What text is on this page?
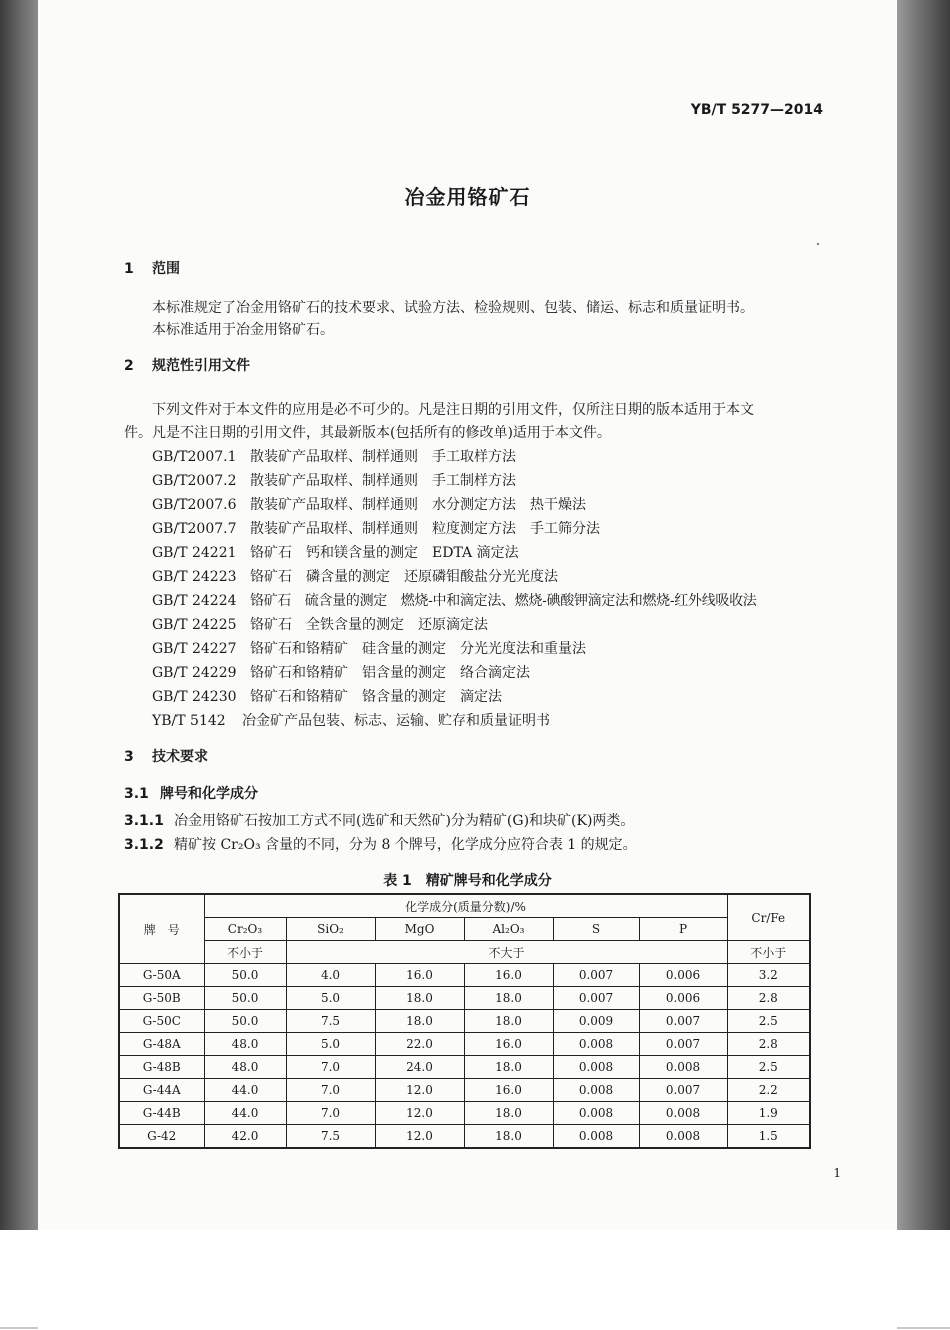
YB/T 5277—2014
冶金用铬矿石
1 范围
本标准规定了冶金用铬矿石的技术要求、试验方法、检验规则、包装、储运、标志和质量证明书。
本标准适用于冶金用铬矿石。
2 规范性引用文件
下列文件对于本文件的应用是必不可少的。凡是注日期的引用文件，仅所注日期的版本适用于本文
件。凡是不注日期的引用文件，其最新版本(包括所有的修改单)适用于本文件。
GB/T2007.1 散装矿产品取样、制样通则　手工取样方法
GB/T2007.2 散装矿产品取样、制样通则　手工制样方法
GB/T2007.6 散装矿产品取样、制样通则　水分测定方法　热干燥法
GB/T2007.7 散装矿产品取样、制样通则　粒度测定方法　手工筛分法
GB/T 24221 铬矿石　钙和镁含量的测定　EDTA 滴定法
GB/T 24223 铬矿石　磷含量的测定　还原磷钼酸盐分光光度法
GB/T 24224 铬矿石　硫含量的测定　燃烧-中和滴定法、燃烧-碘酸钾滴定法和燃烧-红外线吸收法
GB/T 24225 铬矿石　全铁含量的测定　还原滴定法
GB/T 24227 铬矿石和铬精矿　硅含量的测定　分光光度法和重量法
GB/T 24229 铬矿石和铬精矿　铝含量的测定　络合滴定法
GB/T 24230 铬矿石和铬精矿　铬含量的测定　滴定法
YB/T 5142 冶金矿产品包装、标志、运输、贮存和质量证明书
3 技术要求
3.1 牌号和化学成分
3.1.1 冶金用铬矿石按加工方式不同(选矿和天然矿)分为精矿(G)和块矿(K)两类。
3.1.2 精矿按 Cr₂O₃ 含量的不同，分为 8 个牌号，化学成分应符合表 1 的规定。
表 1　精矿牌号和化学成分
牌　号	化学成分(质量分数)/%						Cr/Fe
	Cr₂O₃	SiO₂	MgO	Al₂O₃	S	P	
	不小于	不大于					不小于
G-50A	50.0	4.0	16.0	16.0	0.007	0.006	3.2
G-50B	50.0	5.0	18.0	18.0	0.007	0.006	2.8
G-50C	50.0	7.5	18.0	18.0	0.009	0.007	2.5
G-48A	48.0	5.0	22.0	16.0	0.008	0.007	2.8
G-48B	48.0	7.0	24.0	18.0	0.008	0.008	2.5
G-44A	44.0	7.0	12.0	16.0	0.008	0.007	2.2
G-44B	44.0	7.0	12.0	18.0	0.008	0.008	1.9
G-42	42.0	7.5	12.0	18.0	0.008	0.008	1.5
1
